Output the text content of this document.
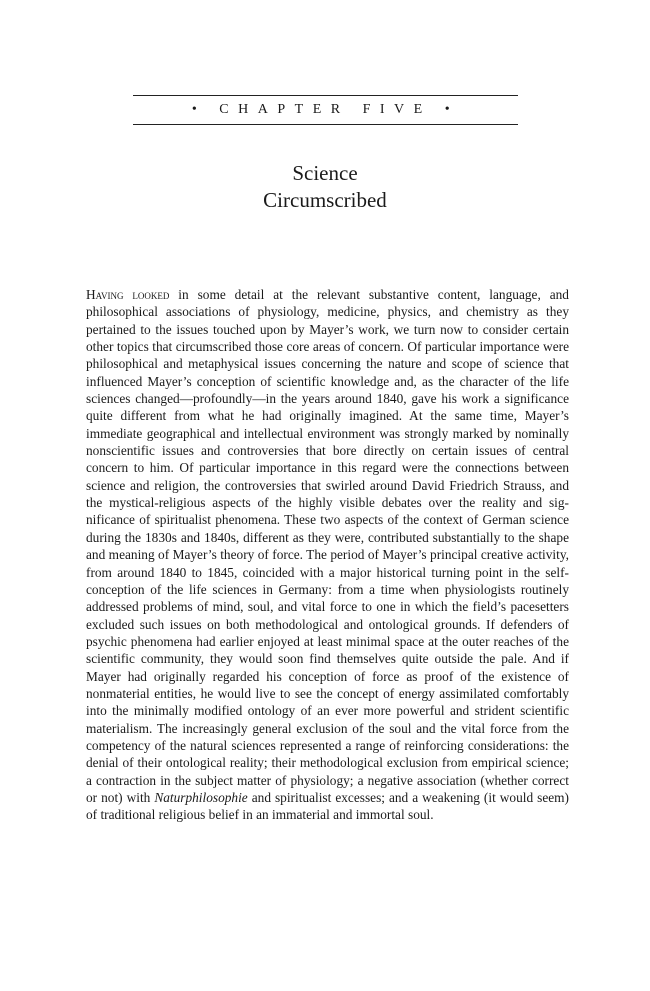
• CHAPTER FIVE •
Science
Circumscribed

Having looked in some detail at the relevant substantive content, language, and philosophical associations of physiology, medicine, physics, and chemistry as they pertained to the issues touched upon by Mayer’s work, we turn now to consider certain other topics that circumscribed those core areas of concern. Of particular importance were philosophical and metaphysical issues concerning the nature and scope of science that influenced Mayer’s conception of scientific knowledge and, as the character of the life sciences changed—profoundly—in the years around 1840, gave his work a significance quite different from what he had originally imagined. At the same time, Mayer’s immediate geographical and intellectual environment was strongly marked by nominally nonscientific issues and controversies that bore directly on certain issues of central concern to him. Of particular importance in this regard were the connections between science and religion, the controversies that swirled around David Friedrich Strauss, and the mystical-religious aspects of the highly visible debates over the reality and significance of spiritualist phenomena. These two aspects of the context of German science during the 1830s and 1840s, different as they were, contributed substantially to the shape and meaning of Mayer’s theory of force. The period of Mayer’s principal creative activity, from around 1840 to 1845, coincided with a major historical turning point in the self-conception of the life sciences in Germany: from a time when physiologists routinely addressed problems of mind, soul, and vital force to one in which the field’s pacesetters excluded such issues on both methodological and ontological grounds. If defenders of psychic phenomena had earlier enjoyed at least minimal space at the outer reaches of the scientific community, they would soon find themselves quite outside the pale. And if Mayer had originally regarded his conception of force as proof of the existence of nonmaterial entities, he would live to see the concept of energy assimilated comfortably into the minimally modified ontology of an ever more powerful and strident scientific materialism. The increasingly general exclusion of the soul and the vital force from the competency of the natural sciences represented a range of reinforcing considerations: the denial of their ontological reality; their methodological exclusion from empirical science; a contraction in the subject matter of physiology; a negative association (whether correct or not) with Naturphilosophie and spiritualist excesses; and a weakening (it would seem) of traditional religious belief in an immaterial and immortal soul.
